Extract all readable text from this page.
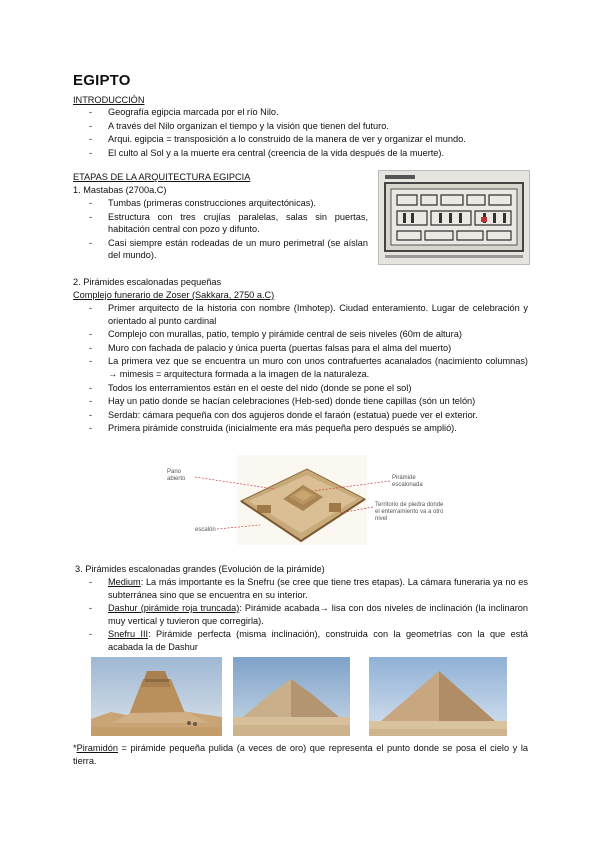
EGIPTO
INTRODUCCIÓN
- Geografía egipcia marcada por el río Nilo.
- A través del Nilo organizan el tiempo y la visión que tienen del futuro.
- Arqui. egipcia = transposición a lo construido de la manera de ver y organizar el mundo.
- El culto al Sol y a la muerte era central (creencia de la vida después de la muerte).
ETAPAS DE LA ARQUITECTURA EGIPCIA
1. Mastabas (2700a.C)
- Tumbas (primeras construcciones arquitectónicas).
- Estructura con tres crujías paralelas, salas sin puertas, habitación central con pozo y difunto.
- Casi siempre están rodeadas de un muro perimetral (se aíslan del mundo).
2. Pirámides escalonadas pequeñas
Complejo funerario de Zoser (Sakkara, 2750 a.C)
- Primer arquitecto de la historia con nombre (Imhotep). Ciudad enteramiento. Lugar de celebración y orientado al punto cardinal
- Complejo con murallas, patio, templo y pirámide central de seis niveles (60m de altura)
- Muro con fachada de palacio y única puerta (puertas falsas para el alma del muerto)
- La primera vez que se encuentra un muro con unos contrafuertes acanalados (nacimiento columnas) → mimesis = arquitectura formada a la imagen de la naturaleza.
- Todos los enterramientos están en el oeste del nido (donde se pone el sol)
- Hay un patio donde se hacían celebraciones (Heb-sed) donde tiene capillas (són un telón)
- Serdab: cámara pequeña con dos agujeros donde el faraón (estatua) puede ver el exterior.
- Primera pirámide construida (inicialmente era más pequeña pero después se amplió).
Pano abierto
escalón
Pirámide escalonada
Territorio de piedra donde el enterramiento va a otro nivel
3. Pirámides escalonadas grandes (Evolución de la pirámide)
- Medium: La más importante es la Snefru (se cree que tiene tres etapas). La cámara funeraria ya no es subterránea sino que se encuentra en su interior.
- Dashur (pirámide roja truncada): Pirámide acabada→ lisa con dos niveles de inclinación (la inclinaron muy vertical y tuvieron que corregirla).
- Snefru III: Pirámide perfecta (misma inclinación), construida con la geometrías con la que está acabada la de Dashur
*Piramidón = pirámide pequeña pulida (a veces de oro) que representa el punto donde se posa el cielo y la tierra.
